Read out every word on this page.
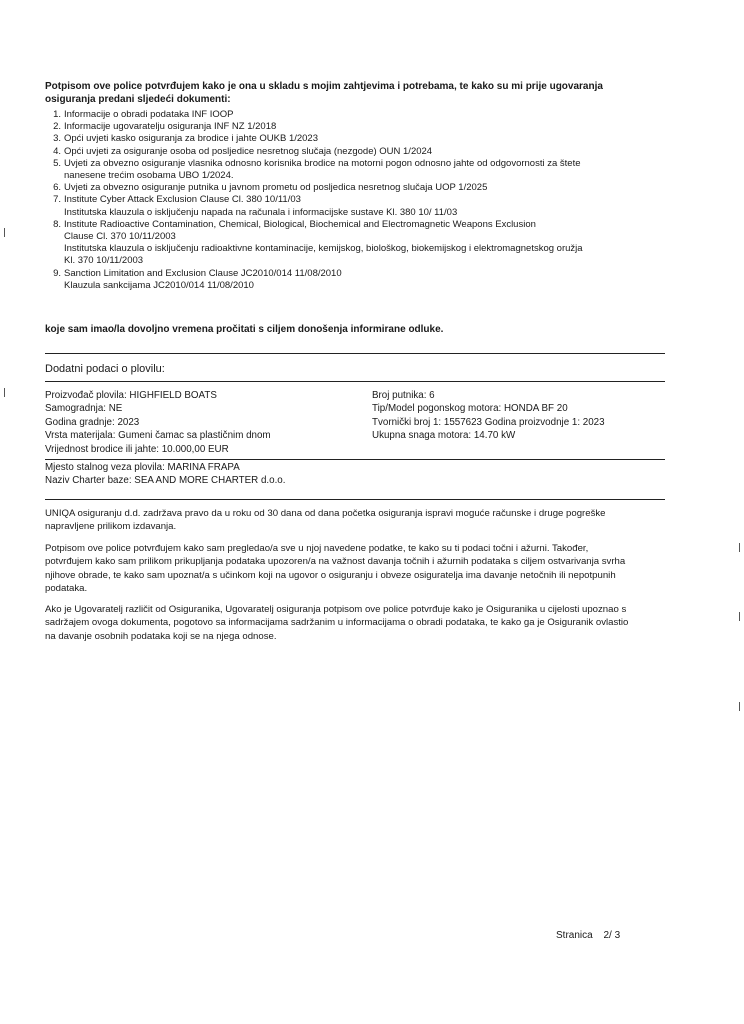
Potpisom ove police potvrđujem kako je ona u skladu s mojim zahtjevima i potrebama, te kako su mi prije ugovaranja osiguranja predani sljedeći dokumenti:
1. Informacije o obradi podataka INF IOOP
2. Informacije ugovaratelju osiguranja INF NZ 1/2018
3. Opći uvjeti kasko osiguranja za brodice i jahte OUKB 1/2023
4. Opći uvjeti za osiguranje osoba od posljedice nesretnog slučaja (nezgode) OUN 1/2024
5. Uvjeti za obvezno osiguranje vlasnika odnosno korisnika brodice na motorni pogon odnosno jahte od odgovornosti za štete
nanesene trećim osobama UBO 1/2024.
6. Uvjeti za obvezno osiguranje putnika u javnom prometu od posljedica nesretnog slučaja UOP 1/2025
7. Institute Cyber Attack Exclusion Clause Cl. 380 10/11/03
Institutska klauzula o isključenju napada na računala i informacijske sustave Kl. 380 10/ 11/03
8. Institute Radioactive Contamination, Chemical, Biological, Biochemical and Electromagnetic Weapons Exclusion
Clause Cl. 370 10/11/2003
Institutska klauzula o isključenju radioaktivne kontaminacije, kemijskog, biološkog, biokemijskog i elektromagnetskog oružja
Kl. 370 10/11/2003
9. Sanction Limitation and Exclusion Clause JC2010/014 11/08/2010
Klauzula sankcijama JC2010/014 11/08/2010
koje sam imao/la dovoljno vremena pročitati s ciljem donošenja informirane odluke.
Dodatni podaci o plovilu:
Proizvođač plovila: HIGHFIELD BOATS
Samogradnja: NE
Godina gradnje: 2023
Vrsta materijala: Gumeni čamac sa plastičnim dnom
Vrijednost brodice ili jahte: 10.000,00 EUR
Broj putnika: 6
Tip/Model pogonskog motora: HONDA BF 20
Tvornički broj 1: 1557623 Godina proizvodnje 1: 2023
Ukupna snaga motora: 14.70 kW
Mjesto stalnog veza plovila: MARINA FRAPA
Naziv Charter baze: SEA AND MORE CHARTER d.o.o.
UNIQA osiguranju d.d. zadržava pravo da u roku od 30 dana od dana početka osiguranja ispravi moguće računske i druge pogreške napravljene prilikom izdavanja.
Potpisom ove police potvrđujem kako sam pregledao/a sve u njoj navedene podatke, te kako su ti podaci točni i ažurni. Također, potvrđujem kako sam prilikom prikupljanja podataka upozoren/a na važnost davanja točnih i ažurnih podataka s ciljem ostvarivanja svrha njihove obrade, te kako sam upoznat/a s učinkom koji na ugovor o osiguranju i obveze osiguratelja ima davanje netočnih ili nepotpunih podataka.
Ako je Ugovaratelj različit od Osiguranika, Ugovaratelj osiguranja potpisom ove police potvrđuje kako je Osiguranika u cijelosti upoznao s sadržajem ovoga dokumenta, pogotovo sa informacijama sadržanim u informacijama o obradi podataka, te kako ga je Osiguranik ovlastio na davanje osobnih podataka koji se na njega odnose.
Stranica 2/ 3
